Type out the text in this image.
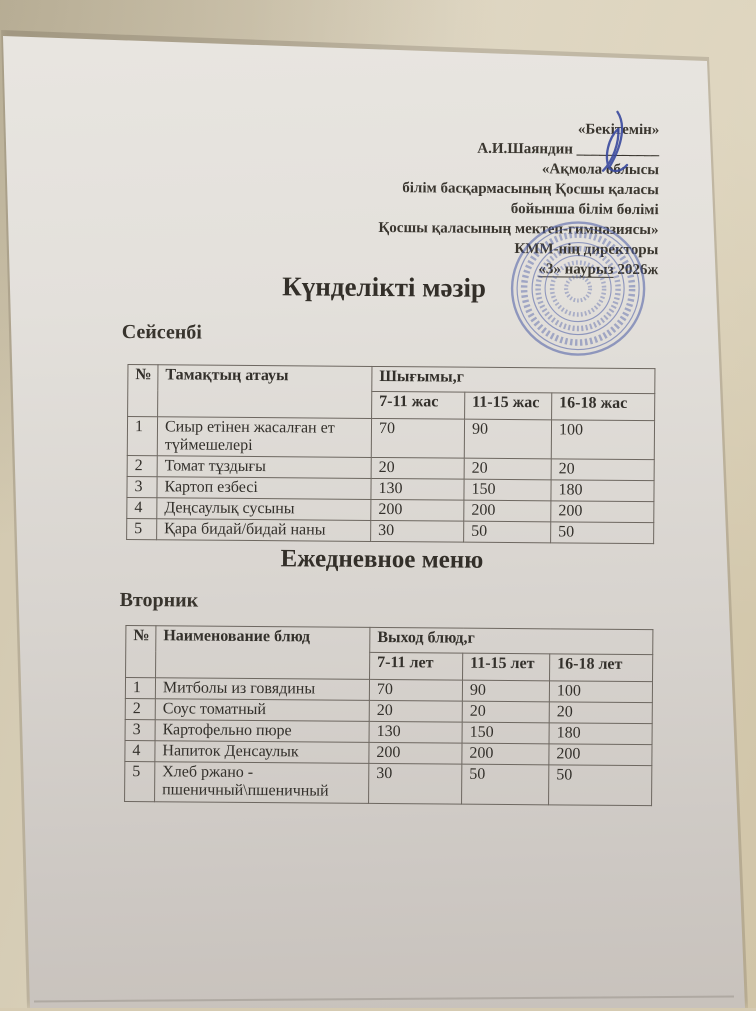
«Бекітемін»
А.И.Шаяндин ___________
«Ақмола облысы
білім басқармасының Қосшы қаласы
бойынша білім бөлімі
Қосшы қаласының мектеп-гимназиясы»
КММ-нің директоры
«3» наурыз 2026ж
Күнделікті мәзір
Сейсенбі
№	Тамақтың атауы	Шығымы,г		
		7-11 жас	11-15 жас	16-18 жас
1	Сиыр етінен жасалған ет түймешелері	70	90	100
2	Томат тұздығы	20	20	20
3	Картоп езбесі	130	150	180
4	Деңсаулық сусыны	200	200	200
5	Қара бидай/бидай наны	30	50	50
Ежедневное меню
Вторник
№	Наименование блюд	Выход блюд,г		
		7-11 лет	11-15 лет	16-18 лет
1	Митболы из говядины	70	90	100
2	Соус томатный	20	20	20
3	Картофельно пюре	130	150	180
4	Напиток Денсаулык	200	200	200
5	Хлеб ржано - пшеничный\пшеничный	30	50	50
